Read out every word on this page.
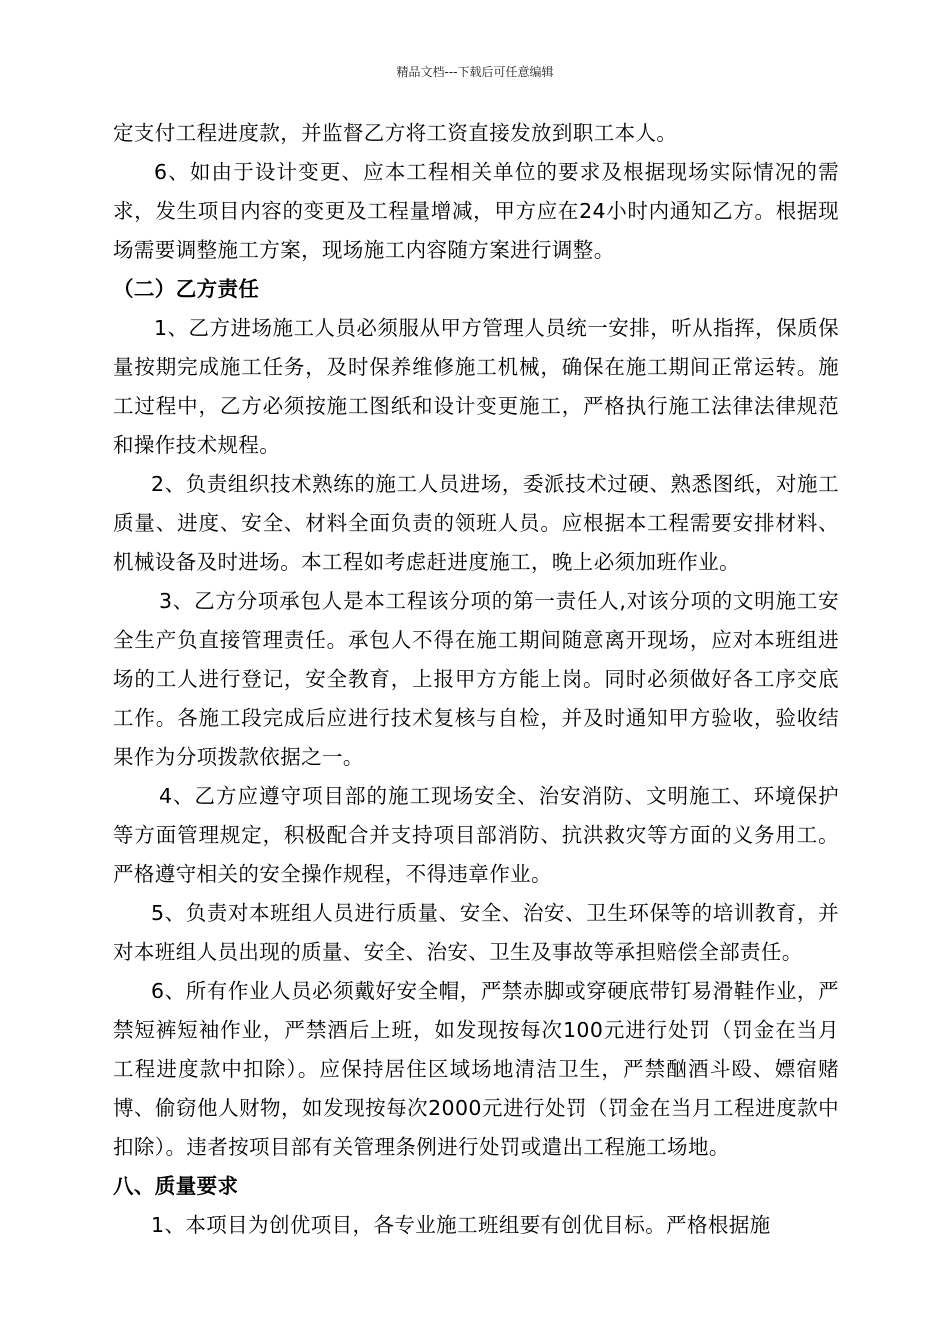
精品文档---下载后可任意编辑

定支付工程进度款，并监督乙方将工资直接发放到职工本人。

6、如由于设计变更、应本工程相关单位的要求及根据现场实际情况的需求，发生项目内容的变更及工程量增减，甲方应在24小时内通知乙方。根据现场需要调整施工方案，现场施工内容随方案进行调整。

（二）乙方责任

1、乙方进场施工人员必须服从甲方管理人员统一安排，听从指挥，保质保量按期完成施工任务，及时保养维修施工机械，确保在施工期间正常运转。施工过程中，乙方必须按施工图纸和设计变更施工，严格执行施工法律法律规范和操作技术规程。

2、负责组织技术熟练的施工人员进场，委派技术过硬、熟悉图纸，对施工质量、进度、安全、材料全面负责的领班人员。应根据本工程需要安排材料、机械设备及时进场。本工程如考虑赶进度施工，晚上必须加班作业。

3、乙方分项承包人是本工程该分项的第一责任人,对该分项的文明施工安全生产负直接管理责任。承包人不得在施工期间随意离开现场，应对本班组进场的工人进行登记，安全教育，上报甲方方能上岗。同时必须做好各工序交底工作。各施工段完成后应进行技术复核与自检，并及时通知甲方验收，验收结果作为分项拨款依据之一。

4、乙方应遵守项目部的施工现场安全、治安消防、文明施工、环境保护等方面管理规定，积极配合并支持项目部消防、抗洪救灾等方面的义务用工。严格遵守相关的安全操作规程，不得违章作业。

5、负责对本班组人员进行质量、安全、治安、卫生环保等的培训教育，并对本班组人员出现的质量、安全、治安、卫生及事故等承担赔偿全部责任。

6、所有作业人员必须戴好安全帽，严禁赤脚或穿硬底带钉易滑鞋作业，严禁短裤短袖作业，严禁酒后上班，如发现按每次100元进行处罚（罚金在当月工程进度款中扣除）。应保持居住区域场地清洁卫生，严禁酗酒斗殴、嫖宿赌博、偷窃他人财物，如发现按每次2000元进行处罚（罚金在当月工程进度款中扣除）。违者按项目部有关管理条例进行处罚或遣出工程施工场地。

八、质量要求

1、本项目为创优项目，各专业施工班组要有创优目标。严格根据施
